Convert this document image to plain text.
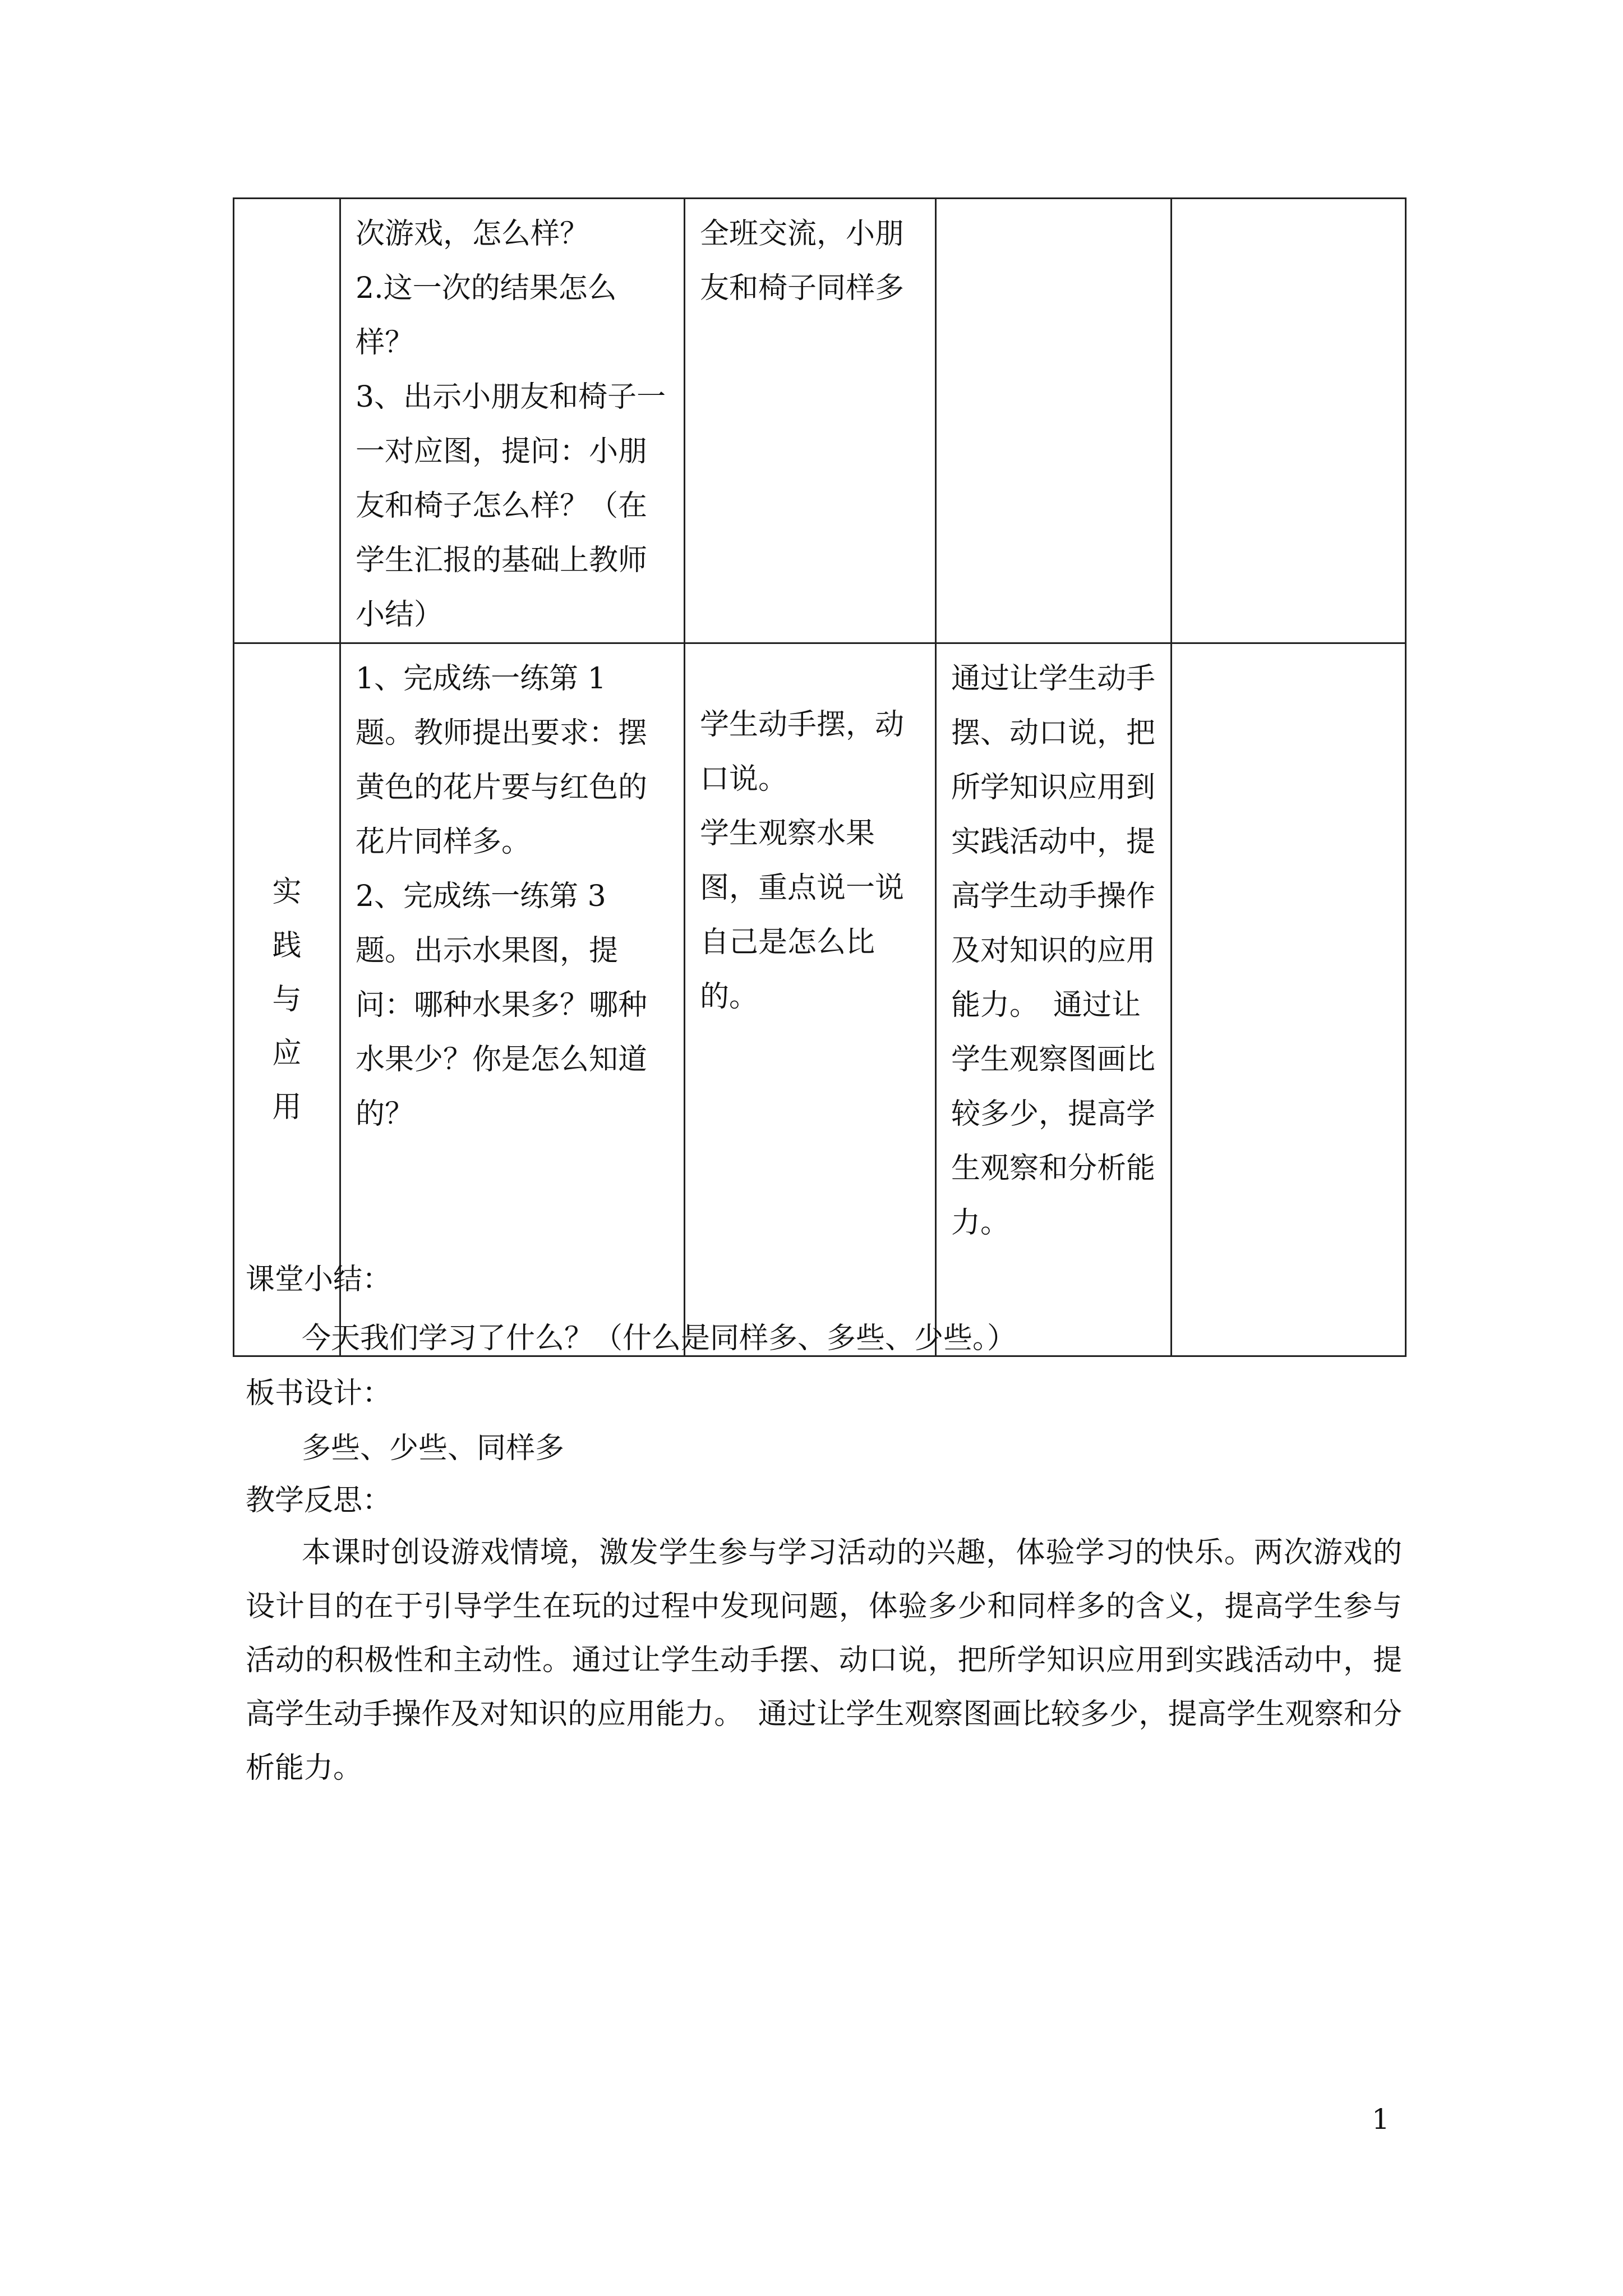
	次游戏，怎么样？
2.这一次的结果怎么样？
3、出示小朋友和椅子一一对应图，提问：小朋友和椅子怎么样？（在学生汇报的基础上教师小结）	全班交流，小朋友和椅子同样多		

实践与应用	1、完成练一练第 1 题。教师提出要求：摆黄色的花片要与红色的花片同样多。
2、完成练一练第 3 题。出示水果图，提问：哪种水果多？哪种水果少？你是怎么知道的？	学生动手摆，动口说。
学生观察水果图，重点说一说自己是怎么比的。	通过让学生动手摆、动口说，把所学知识应用到实践活动中，提高学生动手操作及对知识的应用能力。　通过让学生观察图画比较多少，提高学生观察和分析能力。	

课堂小结：
今天我们学习了什么？（什么是同样多、多些、少些。）
板书设计：
多些、少些、同样多
教学反思：
本课时创设游戏情境，激发学生参与学习活动的兴趣，体验学习的快乐。两次游戏的设计目的在于引导学生在玩的过程中发现问题，体验多少和同样多的含义，提高学生参与活动的积极性和主动性。通过让学生动手摆、动口说，把所学知识应用到实践活动中，提高学生动手操作及对知识的应用能力。　通过让学生观察图画比较多少，提高学生观察和分析能力。
1
